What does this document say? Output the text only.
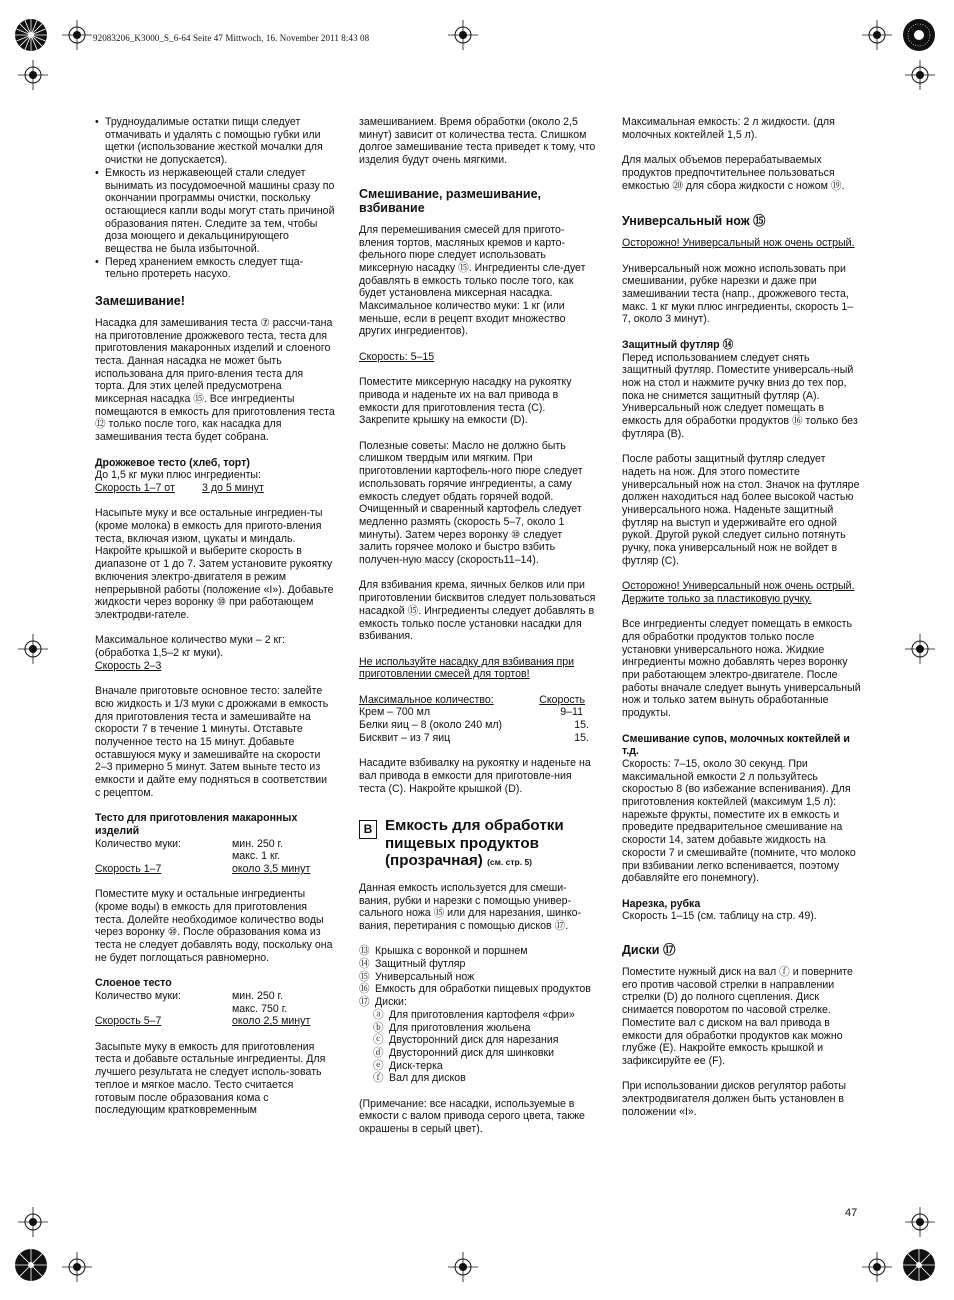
92083206_K3000_S_6-64 Seite 47 Mittwoch, 16. November 2011 8:43 08
• Трудноудалимые остатки пищи следует отмачивать и удалять с помощью губки или щетки (использование жесткой мочалки для очистки не допускается).
• Емкость из нержавеющей стали следует вынимать из посудомоечной машины сразу по окончании программы очистки, поскольку остающиеся капли воды могут стать причиной образования пятен. Следите за тем, чтобы доза моющего и декальцинирующего вещества не была избыточной.
• Перед хранением емкость следует тща-тельно протереть насухо.
Замешивание!

Насадка для замешивания теста ⑦ рассчи-тана на приготовление дрожжевого теста, теста для приготовления макаронных изделий и слоеного теста. Данная насадка не может быть использована для приго-вления теста для торта. Для этих целей предусмотрена миксерная насадка ⑮. Все ингредиенты помещаются в емкость для приготовления теста ⑫ только после того, как насадка для замешивания теста будет собрана.

Дрожжевое тесто (хлеб, торт)
До 1,5 кг муки плюс ингредиенты:
Скорость 1–7 от	3 до 5 минут

Насыпьте муку и все остальные ингредиен-ты (кроме молока) в емкость для пригото-вления теста, включая изюм, цукаты и миндаль. Накройте крышкой и выберите скорость в диапазоне от 1 до 7. Затем установите рукоятку включения электро-двигателя в режим непрерывной работы (положение «I»). Добавьте жидкости через воронку ⑩ при работающем электродви-гателе.

Максимальное количество муки – 2 кг: (обработка 1,5–2 кг муки).

Скорость 2–3

Вначале приготовьте основное тесто: залейте всю жидкость и 1/3 муки с дрожжами в емкость для приготовления теста и замешивайте на скорости 7 в течение 1 минуты. Отставьте полученное тесто на 15 минут. Добавьте оставшуюся муку и замешивайте на скорости 2–3 примерно 5 минут. Затем выньте тесто из емкости и дайте ему подняться в соответствии с рецептом.

Тесто для приготовления макаронных изделий
Количество муки:	мин. 250 г.
макс. 1 кг.
Скорость 1–7	около 3,5 минут

Поместите муку и остальные ингредиенты (кроме воды) в емкость для приготовления теста. Долейте необходимое количество воды через воронку ⑩. После образования кома из теста не следует добавлять воду, поскольку она не будет поглощаться равномерно.

Слоеное тесто
Количество муки:	мин. 250 г.
макс. 750 г.
Скорость 5–7	около 2,5 минут

Засыпьте муку в емкость для приготовления теста и добавьте остальные ингредиенты. Для лучшего результата не следует исполь-зовать теплое и мягкое масло. Тесто считается готовым после образования кома с последующим кратковременным

замешиванием. Время обработки (около 2,5 минут) зависит от количества теста. Слишком долгое замешивание теста приведет к тому, что изделия будут очень мягкими.

Смешивание, размешивание, взбивание

Для перемешивания смесей для пригото-вления тортов, масляных кремов и карто-фельного пюре следует использовать миксерную насадку ⑮. Ингредиенты сле-дует добавлять в емкость только после того, как будет установлена миксерная насадка. Максимальное количество муки: 1 кг (или меньше, если в рецепт входит множество других ингредиентов).

Скорость: 5–15

Поместите миксерную насадку на рукоятку привода и наденьте их на вал привода в емкости для приготовления теста (C). Закрепите крышку на емкости (D).

Полезные советы: Масло не должно быть слишком твердым или мягким. При приготовлении картофель-ного пюре следует использовать горячие ингредиенты, а саму емкость следует обдать горячей водой. Очищенный и сваренный картофель следует медленно размять (скорость 5–7, около 1 минуты). Затем через воронку ⑩ следует залить горячее молоко и быстро взбить получен-ную массу (скорость11–14).

Для взбивания крема, яичных белков или при приготовлении бисквитов следует пользоваться насадкой ⑮. Ингредиенты следует добавлять в емкость только после установки насадки для взбивания.

Не используйте насадку для взбивания при приготовлении смесей для тортов!

Максимальное количество:	Скорость
Крем – 700 мл	9–11
Белки яиц – 8 (около 240 мл)	15.
Бисквит – из 7 яиц	15.

Насадите взбивалку на рукоятку и наденьте на вал привода в емкости для приготовле-ния теста (C). Накройте крышкой (D).

B Емкость для обработки пищевых продуктов (прозрачная) (см. стр. 5)

Данная емкость используется для смеши-вания, рубки и нарезки с помощью универ-сального ножа ⑮ или для нарезания, шинко-вания, перетирания с помощью дисков ⑰.

⑬ Крышка с воронкой и поршнем
⑭ Защитный футляр
⑮ Универсальный нож
⑯ Емкость для обработки пищевых продуктов
⑰ Диски:
ⓐ Для приготовления картофеля «фри»
ⓑ Для приготовления жюльена
ⓒ Двусторонний диск для нарезания
ⓓ Двусторонний диск для шинковки
ⓔ Диск-терка
ⓕ Вал для дисков

(Примечание: все насадки, используемые в емкости с валом привода серого цвета, также окрашены в серый цвет).

Максимальная емкость: 2 л жидкости. (для молочных коктейлей 1,5 л).

Для малых объемов перерабатываемых продуктов предпочтительнее пользоваться емкостью ⑳ для сбора жидкости с ножом ⑲.

Универсальный нож ⑮

Осторожно! Универсальный нож очень острый.

Универсальный нож можно использовать при смешивании, рубке нарезки и даже при замешивании теста (напр., дрожжевого теста, макс. 1 кг муки плюс ингредиенты, скорость 1–7, около 3 минут).

Защитный футляр ⑭

Перед использованием следует снять защитный футляр. Поместите универсаль-ный нож на стол и нажмите ручку вниз до тех пор, пока не снимется защитный футляр (A). Универсальный нож следует помещать в емкость для обработки продуктов ⑯ только без футляра (B).

После работы защитный футляр следует надеть на нож. Для этого поместите универсальный нож на стол. Значок на футляре должен находиться над более высокой частью универсального ножа. Наденьте защитный футляр на выступ и удерживайте его одной рукой. Другой рукой следует сильно потянуть ручку, пока универсальный нож не войдет в футляр (C).

Осторожно! Универсальный нож очень острый. Держите только за пластиковую ручку.

Все ингредиенты следует помещать в емкость для обработки продуктов только после установки универсального ножа. Жидкие ингредиенты можно добавлять через воронку при работающем электро-двигателе. После работы вначале следует вынуть универсальный нож и только затем вынуть обработанные продукты.

Смешивание супов, молочных коктейлей и т.д.

Скорость: 7–15, около 30 секунд. При максимальной емкости 2 л пользуйтесь скоростью 8 (во избежание вспенивания). Для приготовления коктейлей (максимум 1,5 л): нарежьте фрукты, поместите их в емкость и проведите предварительное смешивание на скорости 14, затем добавьте жидкость на скорости 7 и смешивайте (помните, что молоко при взбивании легко вспенивается, поэтому добавляйте его понемногу).

Нарезка, рубка

Скорость 1–15 (см. таблицу на стр. 49).

Диски ⑰

Поместите нужный диск на вал ⓕ и поверните его против часовой стрелки в направлении стрелки (D) до полного сцепления. Диск снимается поворотом по часовой стрелке. Поместите вал с диском на вал привода в емкости для обработки продуктов как можно глубже (E). Накройте емкость крышкой и зафиксируйте ее (F).

При использовании дисков регулятор работы электродвигателя должен быть установлен в положении «I».

47
